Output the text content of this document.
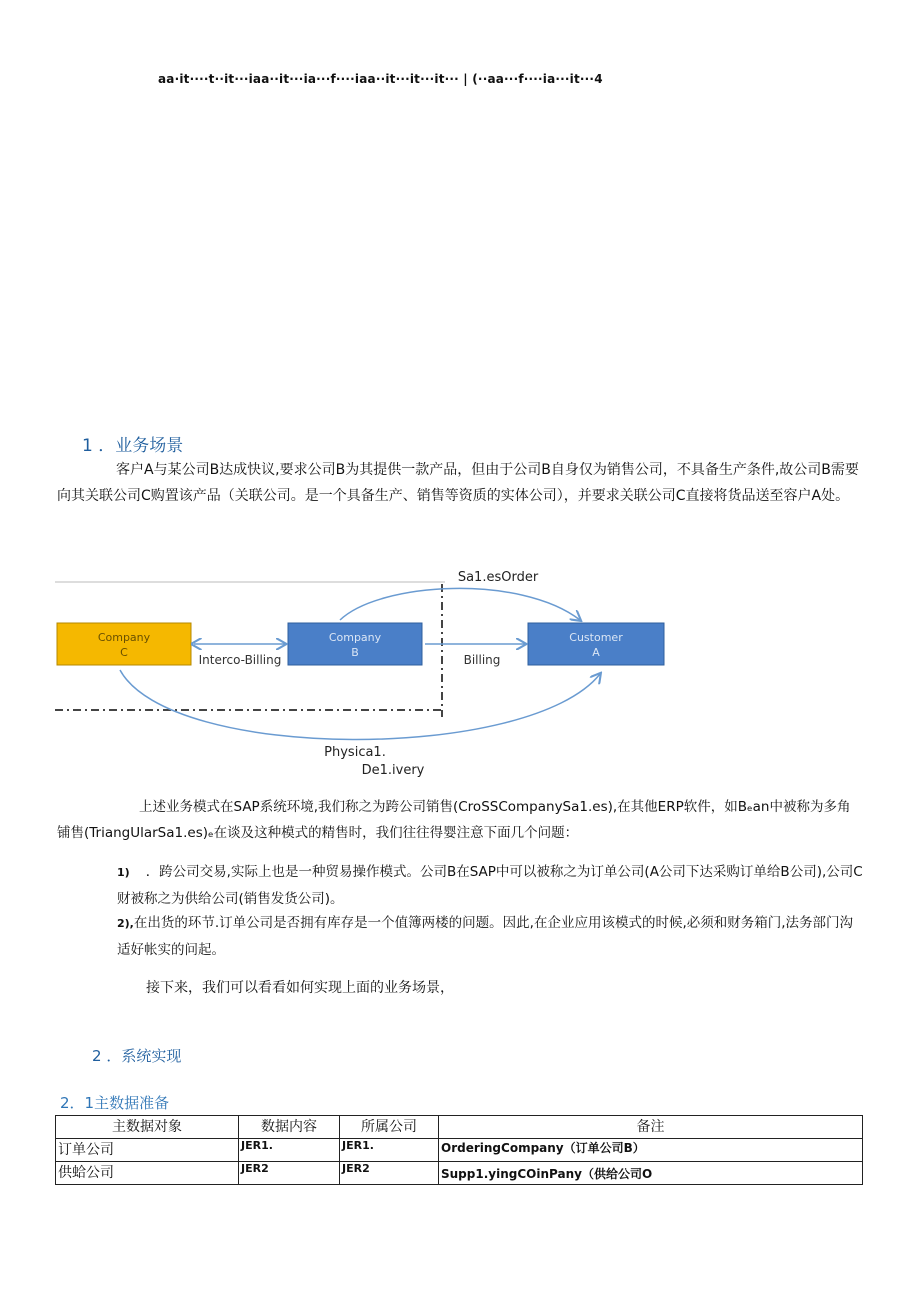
aa·it····t··it···iaa··it···ia···f····iaa··it···it···it··· | (··aa···f····ia···it···4
1 ．业务场景
客户A与某公司B达成快议,要求公司B为其提供一款产品，但由于公司B自身仅为销售公司，不具备生产条件,故公司B需要向其关联公司C购置该产品（关联公司。是一个具备生产、销售等资质的实体公司），并要求关联公司C直接将货品送至容户A处。
Company
C
Company
B
Customer
A
Interco-Billing	Billing
Sa1.esOrder
Physica1.
De1.ivery
上述业务模式在SAP系统环境,我们称之为跨公司销售(CroSSCompanySa1.es),在其他ERP软件，如Bₑan中被称为多角铺售(TriangUlarSa1.es)ₑ在谈及这种模式的精售时，我们往往得婴注意下面几个问题：
1) ．跨公司交易,实际上也是一种贸易操作模式。公司B在SAP中可以被称之为订单公司(A公司下达采购订单给B公司),公司C财被称之为供给公司(销售发货公司)。
2),在出货的环节.订单公司是否拥有库存是一个值簿两楼的问题。因此,在企业应用该模式的时候,必须和财务箱门,法务部门沟适好帐实的问起。
接下来，我们可以看看如何实现上面的业务场景，
2 ．系统实现
2．1主数据准备
主数据对象	数据内容	所属公司	备注
订单公司	JER1.	JER1.	OrderingCompany（订单公司B）
供蛤公司	JER2	JER2	Supp1.yingCOinPany（供给公司O
